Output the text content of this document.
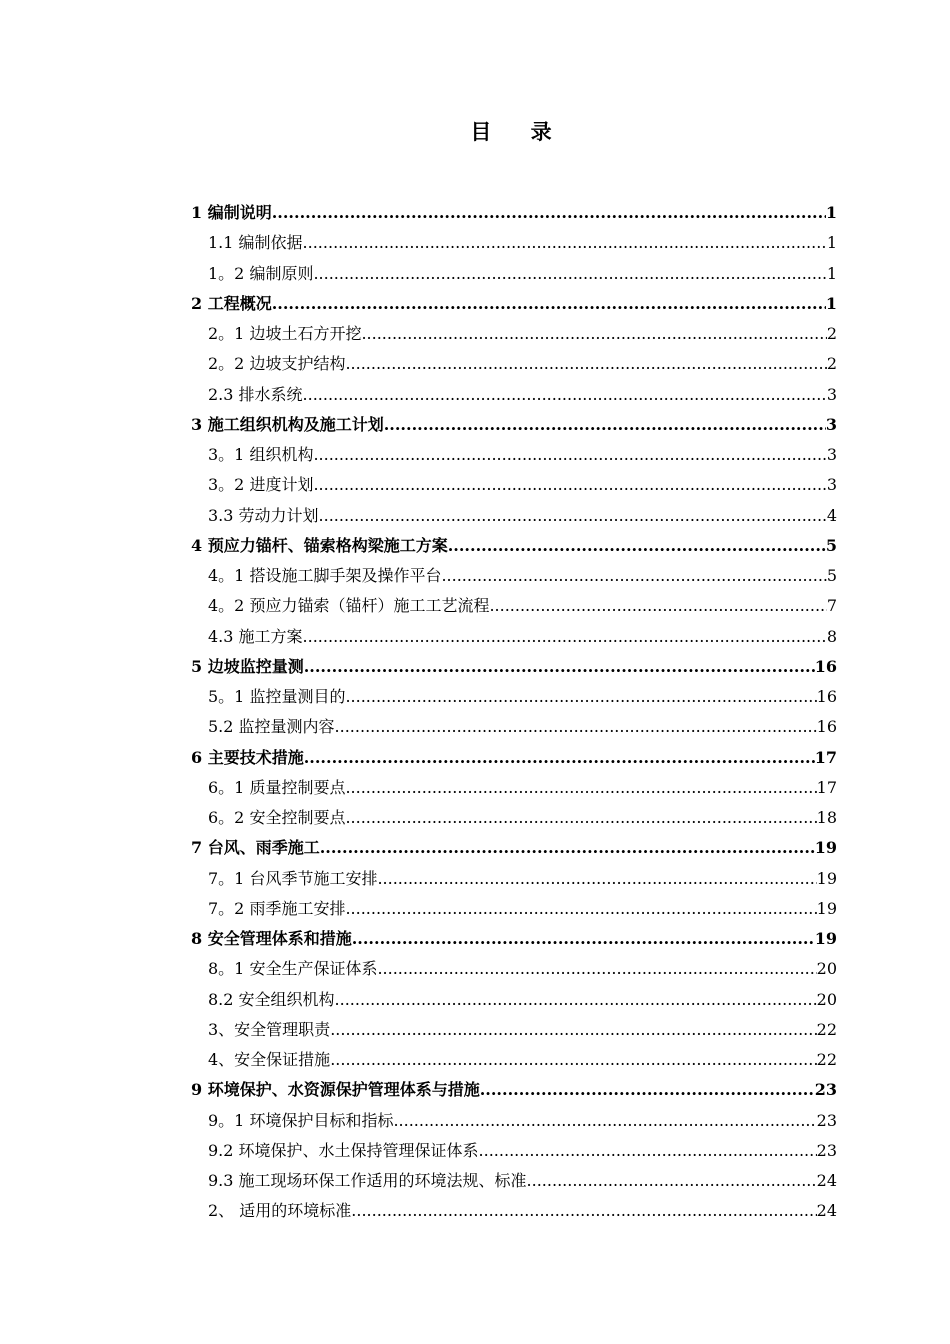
目    录
1 编制说明 .....	1
1.1 编制依据 .....	1
1。2 编制原则 .....	1
2 工程概况 .....	1
2。1 边坡土石方开挖 .....	2
2。2 边坡支护结构 .....	2
2.3 排水系统 .....	3
3 施工组织机构及施工计划 .....	3
3。1 组织机构 .....	3
3。2 进度计划 .....	3
3.3 劳动力计划 .....	4
4 预应力锚杆、锚索格构梁施工方案 .....	5
4。1 搭设施工脚手架及操作平台 .....	5
4。2 预应力锚索（锚杆）施工工艺流程 .....	7
4.3 施工方案 .....	8
5 边坡监控量测 .....	16
5。1 监控量测目的 .....	16
5.2 监控量测内容 .....	16
6 主要技术措施 .....	17
6。1 质量控制要点 .....	17
6。2 安全控制要点 .....	18
7 台风、雨季施工 .....	19
7。1 台风季节施工安排 .....	19
7。2 雨季施工安排 .....	19
8 安全管理体系和措施 .....	19
8。1 安全生产保证体系 .....	20
8.2 安全组织机构 .....	20
3、安全管理职责 .....	22
4、安全保证措施 .....	22
9 环境保护、水资源保护管理体系与措施 .....	23
9。1 环境保护目标和指标 .....	23
9.2 环境保护、水土保持管理保证体系 .....	23
9.3 施工现场环保工作适用的环境法规、标准 .....	24
2、 适用的环境标准 .....	24
